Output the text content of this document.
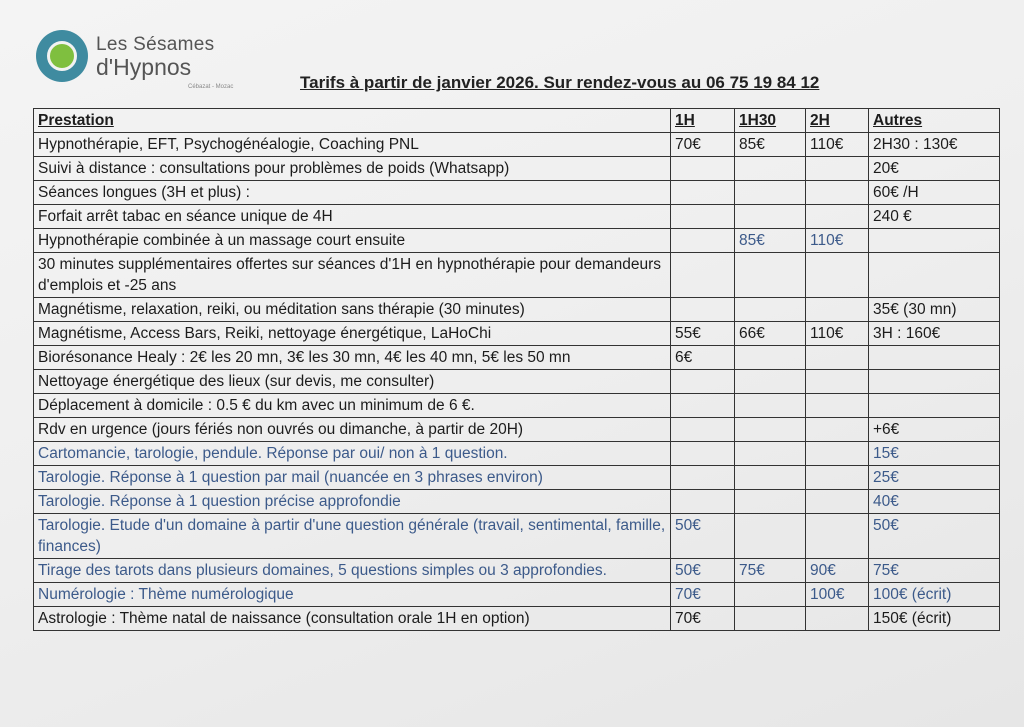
Les Sésames
d'Hypnos
Cébazat - Mozac	Tarifs à partir de janvier 2026. Sur rendez-vous au 06 75 19 84 12
Prestation	1H	1H30	2H	Autres
Hypnothérapie, EFT, Psychogénéalogie, Coaching PNL	70€	85€	110€	2H30 : 130€
Suivi à distance : consultations pour problèmes de poids (Whatsapp)				20€
Séances longues (3H et plus) :				60€ /H
Forfait arrêt tabac en séance unique de 4H				240 €
Hypnothérapie combinée à un massage court ensuite		85€	110€	
30 minutes supplémentaires offertes sur séances d'1H en hypnothérapie pour demandeurs d'emplois et -25 ans				
Magnétisme, relaxation, reiki, ou méditation sans thérapie (30 minutes)				35€ (30 mn)
Magnétisme, Access Bars, Reiki, nettoyage énergétique, LaHoChi	55€	66€	110€	3H : 160€
Biorésonance Healy : 2€ les 20 mn, 3€ les 30 mn, 4€ les 40 mn, 5€ les 50 mn	6€			
Nettoyage énergétique des lieux (sur devis, me consulter)				
Déplacement à domicile : 0.5 € du km avec un minimum de 6 €.				
Rdv en urgence (jours fériés non ouvrés ou dimanche, à partir de 20H)				+6€
Cartomancie, tarologie, pendule. Réponse par oui/ non à 1 question.				15€
Tarologie. Réponse à 1 question par mail (nuancée en 3 phrases environ)				25€
Tarologie. Réponse à 1 question précise approfondie				40€
Tarologie. Etude d'un domaine à partir d'une question générale (travail, sentimental, famille, finances)	50€			50€
Tirage des tarots dans plusieurs domaines, 5 questions simples ou 3 approfondies.	50€	75€	90€	75€
Numérologie : Thème numérologique	70€		100€	100€ (écrit)
Astrologie : Thème natal de naissance (consultation orale 1H en option)	70€			150€ (écrit)
